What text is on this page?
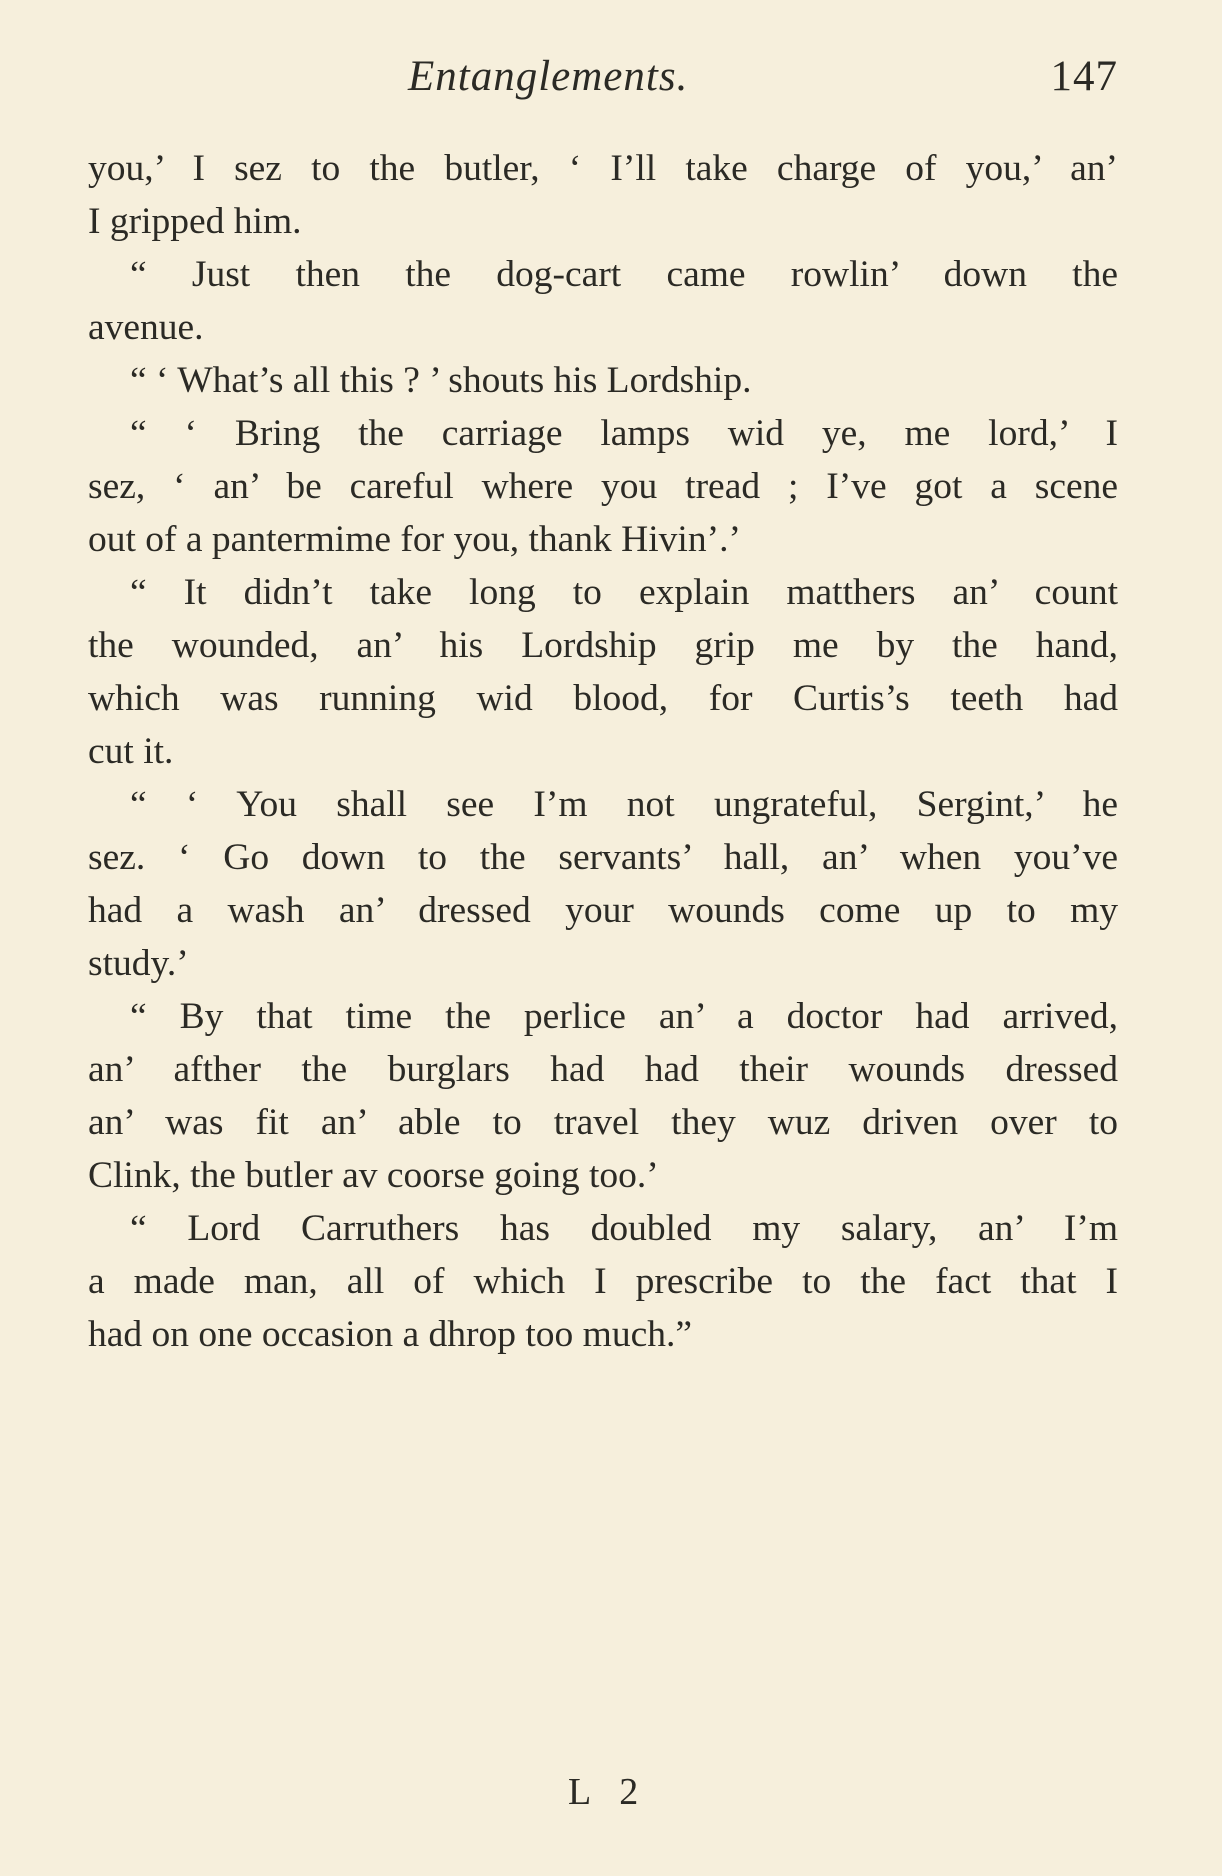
Entanglements.	147
you,’ I sez to the butler, ‘ I’ll take charge of you,’ an’
I gripped him.
“ Just then the dog-cart came rowlin’ down the
avenue.
“ ‘ What’s all this ? ’ shouts his Lordship.
“ ‘ Bring the carriage lamps wid ye, me lord,’ I
sez, ‘ an’ be careful where you tread ; I’ve got a scene
out of a pantermime for you, thank Hivin’.’
“ It didn’t take long to explain matthers an’ count
the wounded, an’ his Lordship grip me by the hand,
which was running wid blood, for Curtis’s teeth had
cut it.
“ ‘ You shall see I’m not ungrateful, Sergint,’ he
sez. ‘ Go down to the servants’ hall, an’ when you’ve
had a wash an’ dressed your wounds come up to my
study.’
“ By that time the perlice an’ a doctor had arrived,
an’ afther the burglars had had their wounds dressed
an’ was fit an’ able to travel they wuz driven over to
Clink, the butler av coorse going too.’
“ Lord Carruthers has doubled my salary, an’ I’m
a made man, all of which I prescribe to the fact that I
had on one occasion a dhrop too much.”
L 2
